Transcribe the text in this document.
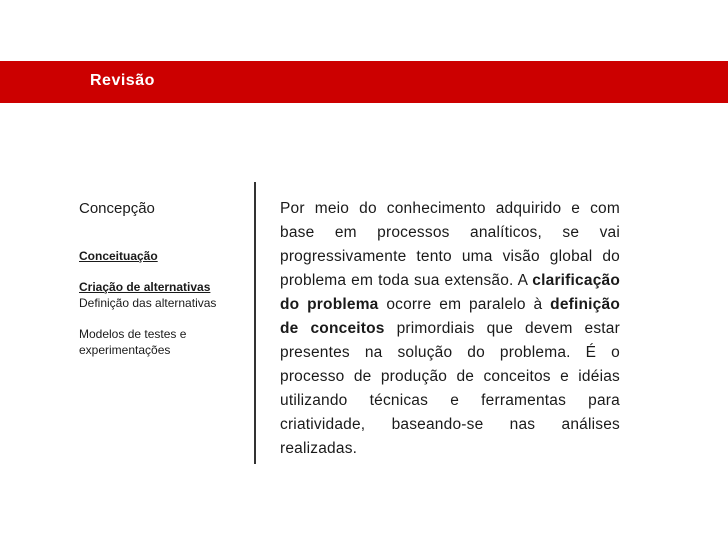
Revisão
Concepção
Conceituação
Criação de alternativas
Definição das alternativas
Modelos de testes e experimentações
Por meio do conhecimento adquirido e com base em processos analíticos, se vai progressivamente tento uma visão global do problema em toda sua extensão. A clarificação do problema ocorre em paralelo à definição de conceitos primordiais que devem estar presentes na solução do problema. É o processo de produção de conceitos e idéias utilizando técnicas e ferramentas para criatividade, baseando-se nas análises realizadas.
